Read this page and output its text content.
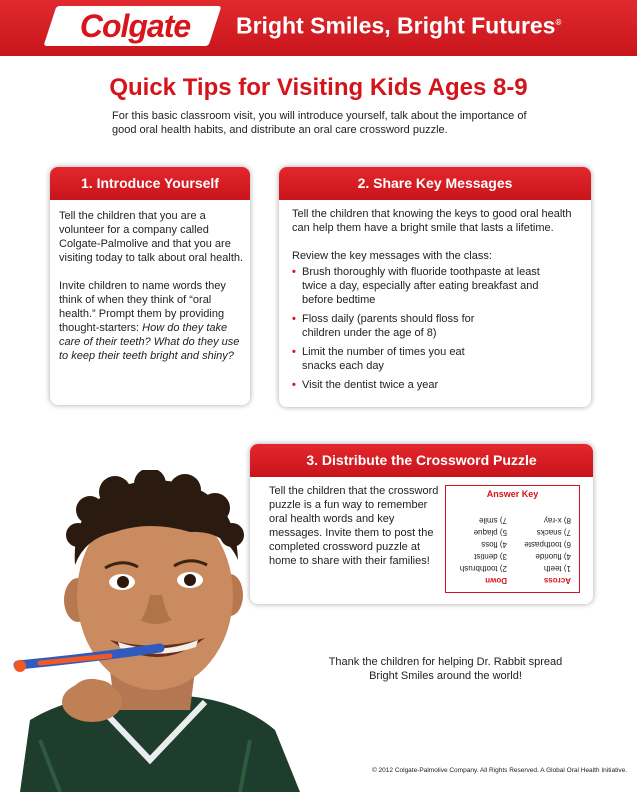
Colgate	Bright Smiles, Bright Futures®
Quick Tips for Visiting Kids Ages 8-9
For this basic classroom visit, you will introduce yourself, talk about the importance of good oral health habits, and distribute an oral care crossword puzzle.
1. Introduce Yourself

Tell the children that you are a volunteer for a company called Colgate-Palmolive and that you are visiting today to talk about oral health.

Invite children to name words they think of when they think of “oral health.” Prompt them by providing thought-starters: How do they take care of their teeth? What do they use to keep their teeth bright and shiny?

2. Share Key Messages

Tell the children that knowing the keys to good oral health can help them have a bright smile that lasts a lifetime.

Review the key messages with the class:

• Brush thoroughly with fluoride toothpaste at least twice a day, especially after eating breakfast and before bedtime
• Floss daily (parents should floss for children under the age of 8)
• Limit the number of times you eat snacks each day
• Visit the dentist twice a year
3. Distribute the Crossword Puzzle
Tell the children that the crossword puzzle is a fun way to remember oral health words and key messages. Invite them to post the completed crossword puzzle at home to share with their families!
Answer Key
Across
1) teeth
4) fluoride
6) toothpaste
7) snacks
8) x-ray
Down
2) toothbrush
3) dentist
4) floss
5) plaque
7) smile
Thank the children for helping Dr. Rabbit spread Bright Smiles around the world!
© 2012 Colgate-Palmolive Company. All Rights Reserved. A Global Oral Health Initiative.
